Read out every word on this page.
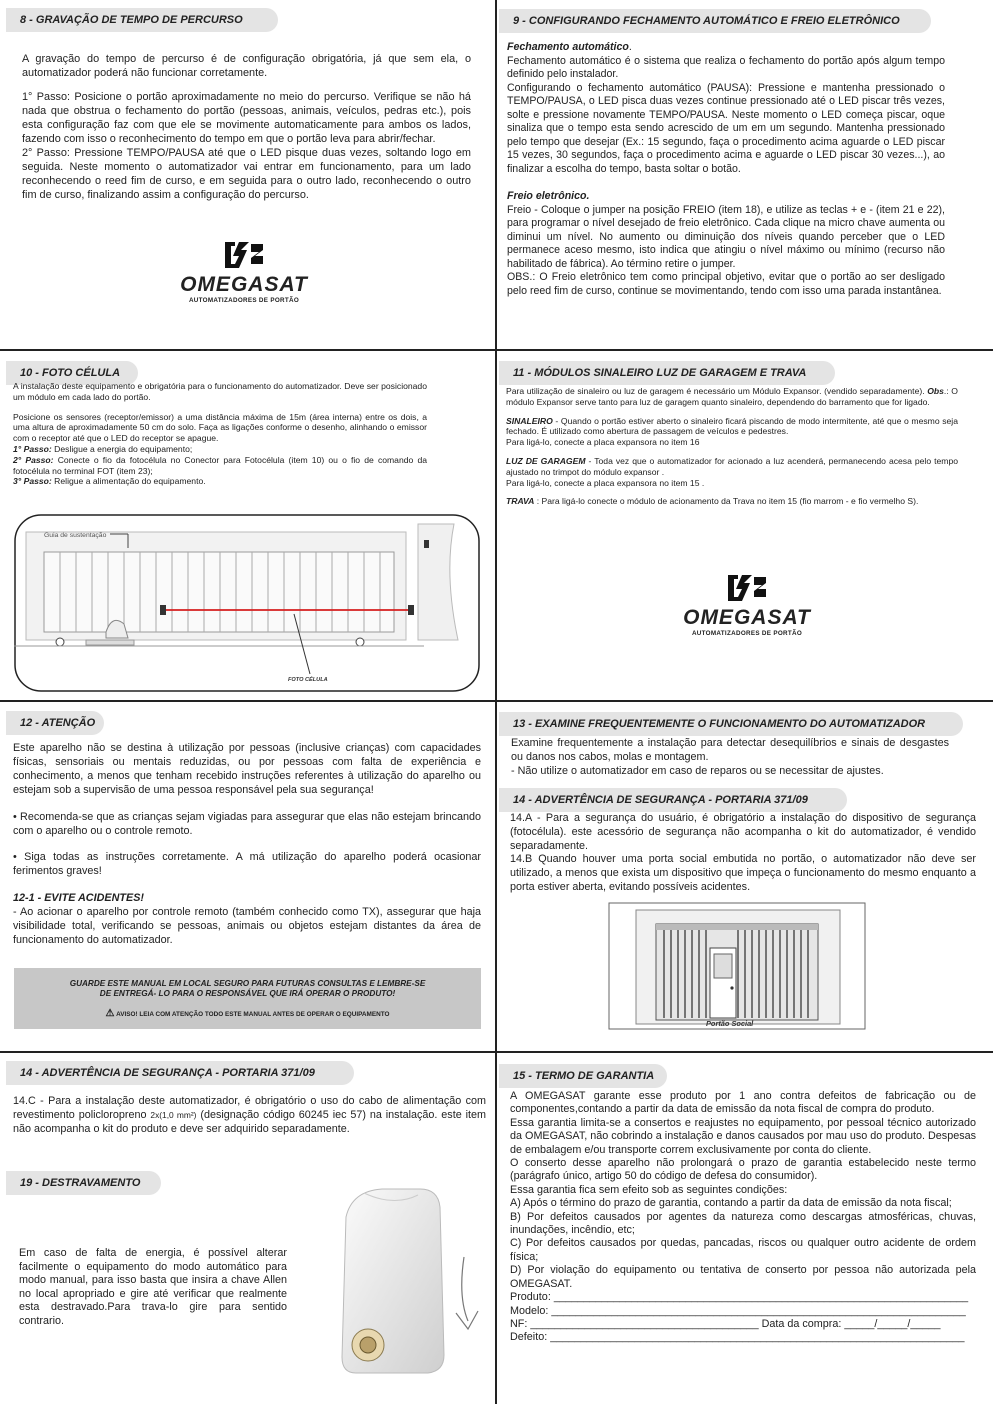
8 - GRAVAÇÃO DE TEMPO DE PERCURSO

A gravação do tempo de percurso é de configuração obrigatória, já que sem ela, o automatizador poderá não funcionar corretamente.

1° Passo: Posicione o portão aproximadamente no meio do percurso. Verifique se não há nada que obstrua o fechamento do portão (pessoas, animais, veículos, pedras etc.), pois esta configuração faz com que ele se movimente automaticamente para ambos os lados, fazendo com isso o reconhecimento do tempo em que o portão leva para abrir/fechar.

2° Passo: Pressione TEMPO/PAUSA até que o LED pisque duas vezes, soltando logo em seguida. Neste momento o automatizador vai entrar em funcionamento, para um lado reconhecendo o reed fim de curso, e em seguida para o outro lado, reconhecendo o outro fim de curso, finalizando assim a configuração do percurso.

OMEGASAT
AUTOMATIZADORES DE PORTÃO
9 - CONFIGURANDO FECHAMENTO AUTOMÁTICO E FREIO ELETRÔNICO

Fechamento automático.

Fechamento automático é o sistema que realiza o fechamento do portão após algum tempo definido pelo instalador.

Configurando o fechamento automático (PAUSA): Pressione e mantenha pressionado o TEMPO/PAUSA, o LED pisca duas vezes continue pressionado até o LED piscar três vezes, solte e pressione novamente TEMPO/PAUSA. Neste momento o LED começa piscar, oque sinaliza que o tempo esta sendo acrescido de um em um segundo. Mantenha pressionado pelo tempo que desejar (Ex.: 15 segundo, faça o procedimento acima aguarde o LED piscar 15 vezes, 30 segundos, faça o procedimento acima e aguarde o LED piscar 30 vezes...), ao finalizar a escolha do tempo, basta soltar o botão.

Freio eletrônico.

Freio - Coloque o jumper na posição FREIO (item 18), e utilize as teclas + e - (item 21 e 22), para programar o nível desejado de freio eletrônico. Cada clique na micro chave aumenta ou diminui um nível. No aumento ou diminuição dos níveis quando perceber que o LED permanece aceso mesmo, isto indica que atingiu o nível máximo ou mínimo (recurso não habilitado de fábrica). Ao término retire o jumper.

OBS.: O Freio eletrônico tem como principal objetivo, evitar que o portão ao ser desligado pelo reed fim de curso, continue se movimentando, tendo com isso uma parada instantânea.

10 - FOTO CÉLULA

A instalação deste equipamento e obrigatória para o funcionamento do automatizador. Deve ser posicionado um módulo em cada lado do portão.

Posicione os sensores (receptor/emissor) a uma distância máxima de 15m (área interna) entre os dois, a uma altura de aproximadamente 50 cm do solo. Faça as ligações conforme o desenho, alinhando o emissor com o receptor até que o LED do receptor se apague.

1° Passo: Desligue a energia do equipamento;

2° Passo: Conecte o fio da fotocélula no Conector para Fotocélula (item 10) ou o fio de comando da fotocélula no terminal FOT (item 23);

3° Passo: Religue a alimentação do equipamento.

Guia de sustentação
FOTO CÉLULA
11 - MÓDULOS SINALEIRO LUZ DE GARAGEM E TRAVA

Para utilização de sinaleiro ou luz de garagem é necessário um Módulo Expansor. (vendido separadamente). Obs.: O módulo Expansor serve tanto para luz de garagem quanto sinaleiro, dependendo do barramento que for ligado.

SINALEIRO - Quando o portão estiver aberto o sinaleiro ficará piscando de modo intermitente, até que o mesmo seja fechado. É utilizado como abertura de passagem de veículos e pedestres.

Para ligá-lo, conecte a placa expansora no item 16

LUZ DE GARAGEM - Toda vez que o automatizador for acionado a luz acenderá, permanecendo acesa pelo tempo ajustado no trimpot do módulo expansor .

Para ligá-lo, conecte a placa expansora no item 15 .

TRAVA : Para ligá-lo conecte o módulo de acionamento da Trava no item 15 (fio marrom - e fio vermelho S).

OMEGASAT
AUTOMATIZADORES DE PORTÃO
12 - ATENÇÃO

Este aparelho não se destina à utilização por pessoas (inclusive crianças) com capacidades físicas, sensoriais ou mentais reduzidas, ou por pessoas com falta de experiência e conhecimento, a menos que tenham recebido instruções referentes à utilização do aparelho ou estejam sob a supervisão de uma pessoa responsável pela sua segurança!

• Recomenda-se que as crianças sejam vigiadas para assegurar que elas não estejam brincando com o aparelho ou o controle remoto.

• Siga todas as instruções corretamente. A má utilização do aparelho poderá ocasionar ferimentos graves!

12-1 - EVITE ACIDENTES!

- Ao acionar o aparelho por controle remoto (também conhecido como TX), assegurar que haja visibilidade total, verificando se pessoas, animais ou objetos estejam distantes da área de funcionamento do automatizador.

GUARDE ESTE MANUAL EM LOCAL SEGURO PARA FUTURAS CONSULTAS E LEMBRE-SE
DE ENTREGÁ- LO PARA O RESPONSÁVEL QUE IRÁ OPERAR O PRODUTO!
⚠ AVISO! LEIA COM ATENÇÃO TODO ESTE MANUAL ANTES DE OPERAR O EQUIPAMENTO
13 - EXAMINE FREQUENTEMENTE O FUNCIONAMENTO DO AUTOMATIZADOR

Examine frequentemente a instalação para detectar desequilíbrios e sinais de desgastes ou danos nos cabos, molas e montagem.

- Não utilize o automatizador em caso de reparos ou se necessitar de ajustes.

14 - ADVERTÊNCIA DE SEGURANÇA - PORTARIA 371/09

14.A - Para a segurança do usuário, é obrigatório a instalação do dispositivo de segurança (fotocélula). este acessório de segurança não acompanha o kit do automatizador, é vendido separadamente.

14.B Quando houver uma porta social embutida no portão, o automatizador não deve ser utilizado, a menos que exista um dispositivo que impeça o funcionamento do mesmo enquanto a porta estiver aberta, evitando possíveis acidentes.

Portão Social
14 - ADVERTÊNCIA DE SEGURANÇA - PORTARIA 371/09

14.C - Para a instalação deste automatizador, é obrigatório o uso do cabo de alimentação com revestimento policloropreno 2x(1,0 mm²) (designação código 60245 iec 57) na instalação. este item não acompanha o kit do produto e deve ser adquirido separadamente.

19 - DESTRAVAMENTO

Em caso de falta de energia, é possível alterar facilmente o equipamento do modo automático para modo manual, para isso basta que insira a chave Allen no local apropriado e gire até verificar que realmente esta destravado.Para trava-lo gire para sentido contrario.

15 - TERMO DE GARANTIA

A OMEGASAT garante esse produto por 1 ano contra defeitos de fabricação ou de componentes,contando a partir da data de emissão da nota fiscal de compra do produto.

Essa garantia limita-se a consertos e reajustes no equipamento, por pessoal técnico autorizado da OMEGASAT, não cobrindo a instalação e danos causados por mau uso do produto. Despesas de embalagem e/ou transporte correm exclusivamente por conta do cliente.

O conserto desse aparelho não prolongará o prazo de garantia estabelecido neste termo (parágrafo único, artigo 50 do código de defesa do consumidor).

Essa garantia fica sem efeito sob as seguintes condições:

A) Após o término do prazo de garantia, contando a partir da data de emissão da nota fiscal;

B) Por defeitos causados por agentes da natureza como descargas atmosféricas, chuvas, inundações, incêndio, etc;

C) Por defeitos causados por quedas, pancadas, riscos ou qualquer outro acidente de ordem física;

D) Por violação do equipamento ou tentativa de conserto por pessoa não autorizada pela OMEGASAT.

Produto: _____________________________________________________________________

Modelo: _____________________________________________________________________

NF: ______________________________________ Data da compra: _____/_____/_____

Defeito: _____________________________________________________________________
